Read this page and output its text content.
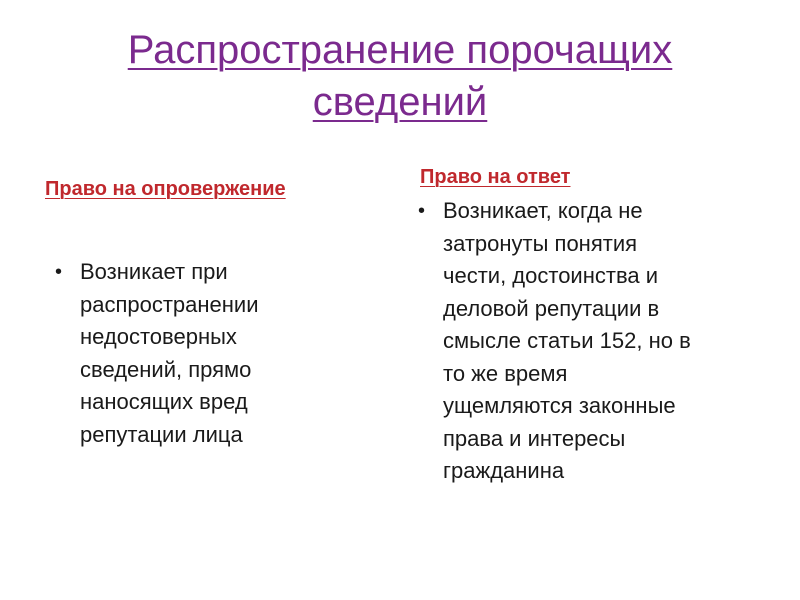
Распространение порочащих
сведений
Право на опровержение
• Возникает при
распространении
недостоверных
сведений, прямо
наносящих вред
репутации лица
Право на ответ
• Возникает, когда не
затронуты понятия
чести, достоинства и
деловой репутации в
смысле статьи 152, но в
то же время
ущемляются законные
права и интересы
гражданина
